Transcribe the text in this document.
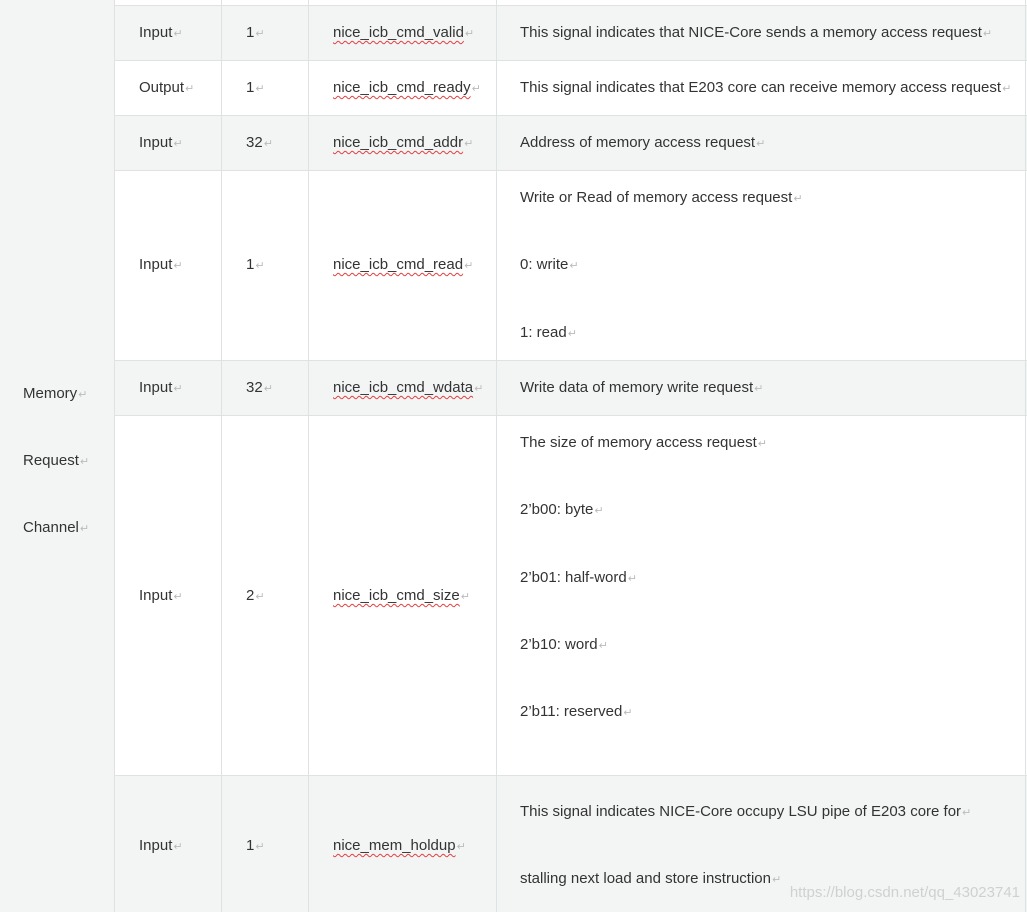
Memory↵
Request↵
Channel↵
Input↵	1↵	nice_icb_cmd_valid↵	This signal indicates that NICE-Core sends a memory access request↵
Output↵	1↵	nice_icb_cmd_ready↵	This signal indicates that E203 core can receive memory access request↵
Input↵	32↵	nice_icb_cmd_addr↵	Address of memory access request↵
Input↵	1↵	nice_icb_cmd_read↵
Write or Read of memory access request↵
0: write↵
1: read↵
Input↵	32↵	nice_icb_cmd_wdata↵ Write data of memory write request↵
Input↵	2↵	nice_icb_cmd_size↵
The size of memory access request↵
2’b00: byte↵
2’b01: half-word↵
2’b10: word↵
2’b11: reserved↵
Input↵	1↵	nice_mem_holdup↵
This signal indicates NICE-Core occupy LSU pipe of E203 core for↵
stalling next load and store instruction↵
https://blog.csdn.net/qq_43023741
